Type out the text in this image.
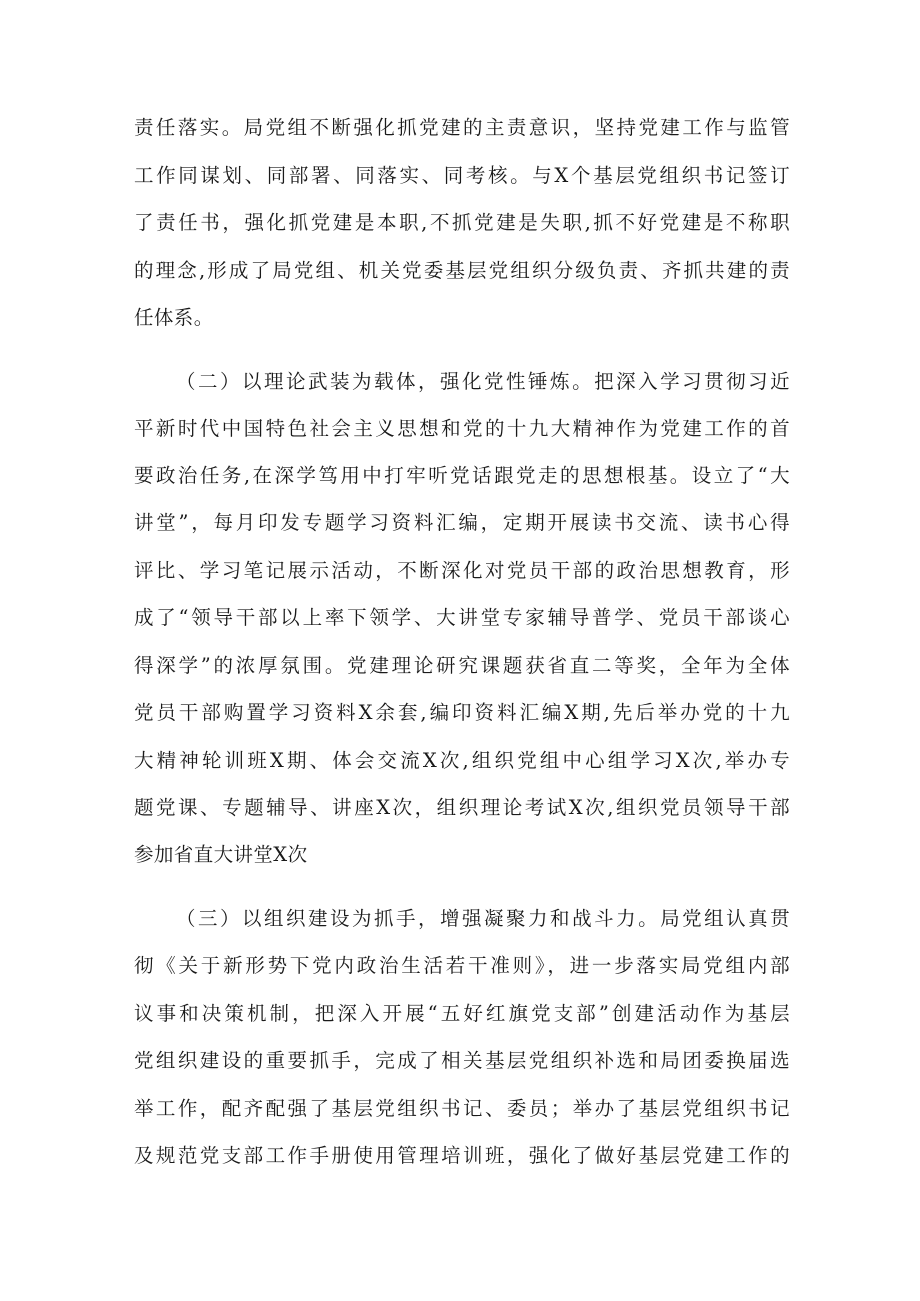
责任落实。局党组不断强化抓党建的主责意识，坚持党建工作与监管
工作同谋划、同部署、同落实、同考核。与X个基层党组织书记签订
了责任书，强化抓党建是本职,不抓党建是失职,抓不好党建是不称职
的理念,形成了局党组、机关党委基层党组织分级负责、齐抓共建的责
任体系。
（二）以理论武装为载体，强化党性锤炼。把深入学习贯彻习近
平新时代中国特色社会主义思想和党的十九大精神作为党建工作的首
要政治任务,在深学笃用中打牢听党话跟党走的思想根基。设立了“大
讲堂”，每月印发专题学习资料汇编，定期开展读书交流、读书心得
评比、学习笔记展示活动，不断深化对党员干部的政治思想教育，形
成了“领导干部以上率下领学、大讲堂专家辅导普学、党员干部谈心
得深学”的浓厚氛围。党建理论研究课题获省直二等奖，全年为全体
党员干部购置学习资料X余套,编印资料汇编X期,先后举办党的十九
大精神轮训班X期、体会交流X次,组织党组中心组学习X次,举办专
题党课、专题辅导、讲座X次，组织理论考试X次,组织党员领导干部
参加省直大讲堂X次
（三）以组织建设为抓手，增强凝聚力和战斗力。局党组认真贯
彻《关于新形势下党内政治生活若干准则》，进一步落实局党组内部
议事和决策机制，把深入开展“五好红旗党支部”创建活动作为基层
党组织建设的重要抓手，完成了相关基层党组织补选和局团委换届选
举工作，配齐配强了基层党组织书记、委员；举办了基层党组织书记
及规范党支部工作手册使用管理培训班，强化了做好基层党建工作的
